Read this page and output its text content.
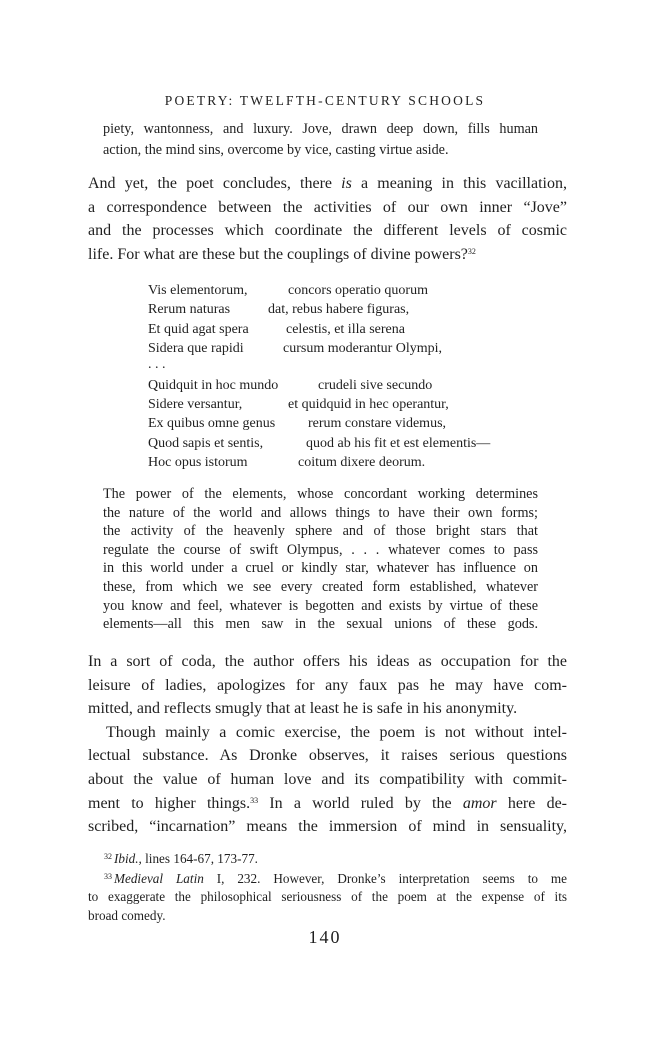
POETRY: TWELFTH-CENTURY SCHOOLS
piety, wantonness, and luxury. Jove, drawn deep down, fills human
action, the mind sins, overcome by vice, casting virtue aside.
And yet, the poet concludes, there is a meaning in this vacillation,
a correspondence between the activities of our own inner “Jove”
and the processes which coordinate the different levels of cosmic
life. For what are these but the couplings of divine powers?$^{32}$
Vis elementorum,	concors operatio quorum
Rerum naturas	dat, rebus habere figuras,
Et quid agat spera	celestis, et illa serena
Sidera que rapidi	cursum moderantur Olympi,
. . .
Quidquit in hoc mundo	crudeli sive secundo
Sidere versantur,	et quidquid in hec operantur,
Ex quibus omne genus	rerum constare videmus,
Quod sapis et sentis,	quod ab his fit et est elementis—
Hoc opus istorum	coitum dixere deorum.
The power of the elements, whose concordant working determines
the nature of the world and allows things to have their own forms;
the activity of the heavenly sphere and of those bright stars that
regulate the course of swift Olympus, . . . whatever comes to pass
in this world under a cruel or kindly star, whatever has influence on
these, from which we see every created form established, whatever
you know and feel, whatever is begotten and exists by virtue of these
elements—all this men saw in the sexual unions of these gods.
In a sort of coda, the author offers his ideas as occupation for the
leisure of ladies, apologizes for any faux pas he may have com-
mitted, and reflects smugly that at least he is safe in his anonymity.
Though mainly a comic exercise, the poem is not without intel-
lectual substance. As Dronke observes, it raises serious questions
about the value of human love and its compatibility with commit-
ment to higher things.$^{33}$ In a world ruled by the amor here de-
scribed, “incarnation” means the immersion of mind in sensuality,
$^{32}$ Ibid., lines 164-67, 173-77.
$^{33}$ Medieval Latin I, 232. However, Dronke’s interpretation seems to me
to exaggerate the philosophical seriousness of the poem at the expense of its
broad comedy.
140
